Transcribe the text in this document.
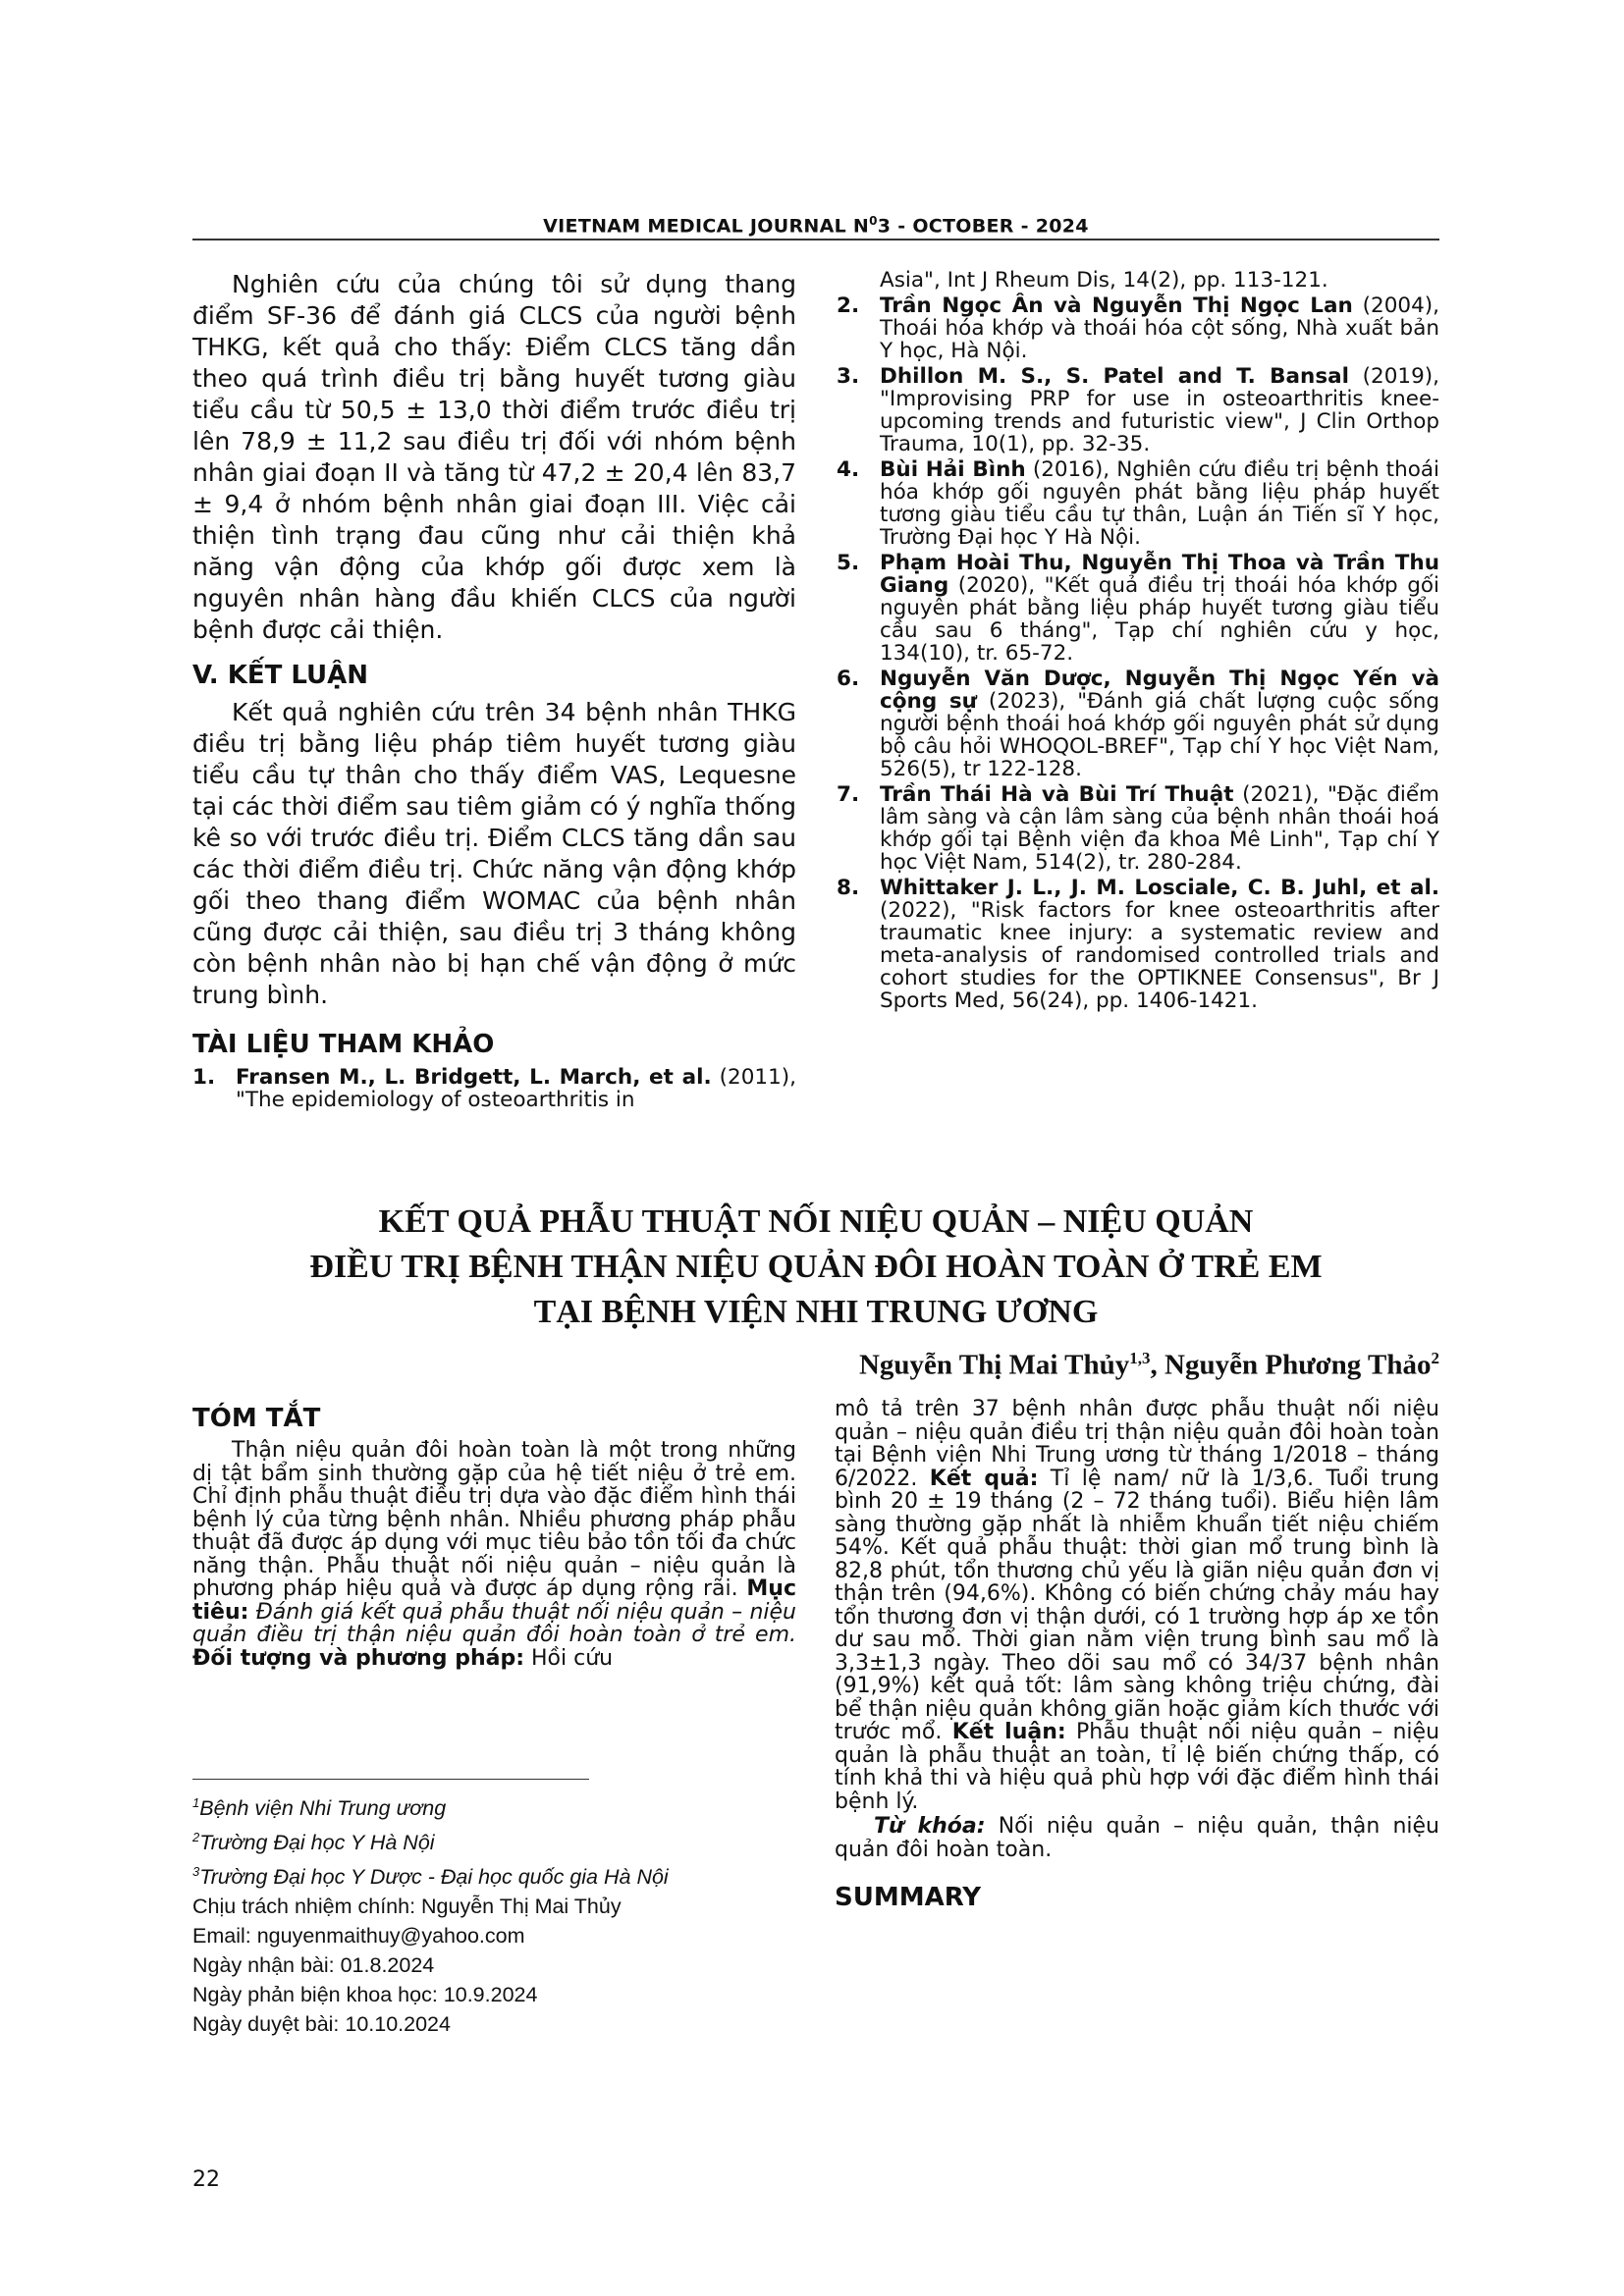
VIETNAM MEDICAL JOURNAL $N^03$ - OCTOBER - 2024

Nghiên cứu của chúng tôi sử dụng thang điểm SF-36 để đánh giá CLCS của người bệnh THKG, kết quả cho thấy: Điểm CLCS tăng dần theo quá trình điều trị bằng huyết tương giàu tiểu cầu từ 50,5 ± 13,0 thời điểm trước điều trị lên 78,9 ± 11,2 sau điều trị đối với nhóm bệnh nhân giai đoạn II và tăng từ 47,2 ± 20,4 lên 83,7 ± 9,4 ở nhóm bệnh nhân giai đoạn III. Việc cải thiện tình trạng đau cũng như cải thiện khả năng vận động của khớp gối được xem là nguyên nhân hàng đầu khiến CLCS của người bệnh được cải thiện.

V. KẾT LUẬN

Kết quả nghiên cứu trên 34 bệnh nhân THKG điều trị bằng liệu pháp tiêm huyết tương giàu tiểu cầu tự thân cho thấy điểm VAS, Lequesne tại các thời điểm sau tiêm giảm có ý nghĩa thống kê so với trước điều trị. Điểm CLCS tăng dần sau các thời điểm điều trị. Chức năng vận động khớp gối theo thang điểm WOMAC của bệnh nhân cũng được cải thiện, sau điều trị 3 tháng không còn bệnh nhân nào bị hạn chế vận động ở mức trung bình.

TÀI LIỆU THAM KHẢO
1. Fransen M., L. Bridgett, L. March, et al. (2011), "The epidemiology of osteoarthritis in
Asia", Int J Rheum Dis, 14(2), pp. 113-121.
2. Trần Ngọc Ân và Nguyễn Thị Ngọc Lan (2004), Thoái hóa khớp và thoái hóa cột sống, Nhà xuất bản Y học, Hà Nội.
3. Dhillon M. S., S. Patel and T. Bansal (2019), "Improvising PRP for use in osteoarthritis knee-upcoming trends and futuristic view", J Clin Orthop Trauma, 10(1), pp. 32-35.
4. Bùi Hải Bình (2016), Nghiên cứu điều trị bệnh thoái hóa khớp gối nguyên phát bằng liệu pháp huyết tương giàu tiểu cầu tự thân, Luận án Tiến sĩ Y học, Trường Đại học Y Hà Nội.
5. Phạm Hoài Thu, Nguyễn Thị Thoa và Trần Thu Giang (2020), "Kết quả điều trị thoái hóa khớp gối nguyên phát bằng liệu pháp huyết tương giàu tiểu cầu sau 6 tháng", Tạp chí nghiên cứu y học, 134(10), tr. 65-72.
6. Nguyễn Văn Dược, Nguyễn Thị Ngọc Yến và cộng sự (2023), "Đánh giá chất lượng cuộc sống người bệnh thoái hoá khớp gối nguyên phát sử dụng bộ câu hỏi WHOQOL-BREF", Tạp chí Y học Việt Nam, 526(5), tr 122-128.
7. Trần Thái Hà và Bùi Trí Thuật (2021), "Đặc điểm lâm sàng và cận lâm sàng của bệnh nhân thoái hoá khớp gối tại Bệnh viện đa khoa Mê Linh", Tạp chí Y học Việt Nam, 514(2), tr. 280-284.
8. Whittaker J. L., J. M. Losciale, C. B. Juhl, et al. (2022), "Risk factors for knee osteoarthritis after traumatic knee injury: a systematic review and meta-analysis of randomised controlled trials and cohort studies for the OPTIKNEE Consensus", Br J Sports Med, 56(24), pp. 1406-1421.
KẾT QUẢ PHẪU THUẬT NỐI NIỆU QUẢN – NIỆU QUẢN
ĐIỀU TRỊ BỆNH THẬN NIỆU QUẢN ĐÔI HOÀN TOÀN Ở TRẺ EM
TẠI BỆNH VIỆN NHI TRUNG ƯƠNG
Nguyễn Thị Mai Thủy$^{1,3}$, Nguyễn Phương Thảo$^2$
TÓM TẮT

Thận niệu quản đôi hoàn toàn là một trong những dị tật bẩm sinh thường gặp của hệ tiết niệu ở trẻ em. Chỉ định phẫu thuật điều trị dựa vào đặc điểm hình thái bệnh lý của từng bệnh nhân. Nhiều phương pháp phẫu thuật đã được áp dụng với mục tiêu bảo tồn tối đa chức năng thận. Phẫu thuật nối niệu quản – niệu quản là phương pháp hiệu quả và được áp dụng rộng rãi. Mục tiêu: Đánh giá kết quả phẫu thuật nối niệu quản – niệu quản điều trị thận niệu quản đôi hoàn toàn ở trẻ em. Đối tượng và phương pháp: Hồi cứu

mô tả trên 37 bệnh nhân được phẫu thuật nối niệu quản – niệu quản điều trị thận niệu quản đôi hoàn toàn tại Bệnh viện Nhi Trung ương từ tháng 1/2018 – tháng 6/2022. Kết quả: Tỉ lệ nam/ nữ là 1/3,6. Tuổi trung bình 20 ± 19 tháng (2 – 72 tháng tuổi). Biểu hiện lâm sàng thường gặp nhất là nhiễm khuẩn tiết niệu chiếm 54%. Kết quả phẫu thuật: thời gian mổ trung bình là 82,8 phút, tổn thương chủ yếu là giãn niệu quản đơn vị thận trên (94,6%). Không có biến chứng chảy máu hay tổn thương đơn vị thận dưới, có 1 trường hợp áp xe tồn dư sau mổ. Thời gian nằm viện trung bình sau mổ là 3,3±1,3 ngày. Theo dõi sau mổ có 34/37 bệnh nhân (91,9%) kết quả tốt: lâm sàng không triệu chứng, đài bể thận niệu quản không giãn hoặc giảm kích thước với trước mổ. Kết luận: Phẫu thuật nối niệu quản – niệu quản là phẫu thuật an toàn, tỉ lệ biến chứng thấp, có tính khả thi và hiệu quả phù hợp với đặc điểm hình thái bệnh lý.

Từ khóa: Nối niệu quản – niệu quản, thận niệu quản đôi hoàn toàn.

SUMMARY
$^1$Bệnh viện Nhi Trung ương
$^2$Trường Đại học Y Hà Nội
$^3$Trường Đại học Y Dược - Đại học quốc gia Hà Nội
Chịu trách nhiệm chính: Nguyễn Thị Mai Thủy
Email: nguyenmaithuy@yahoo.com
Ngày nhận bài: 01.8.2024
Ngày phản biện khoa học: 10.9.2024
Ngày duyệt bài: 10.10.2024
22
